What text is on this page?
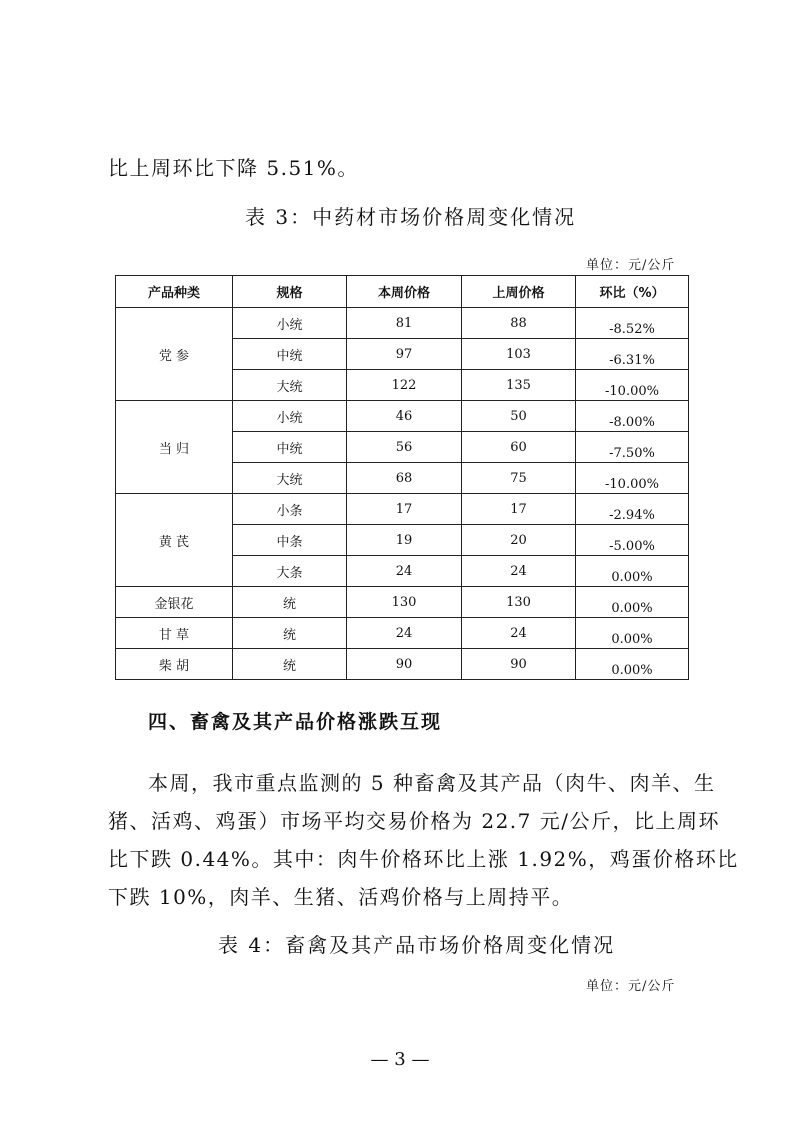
比上周环比下降 5.51%。
表 3：中药材市场价格周变化情况
单位：元/公斤
产品种类	规格	本周价格	上周价格	环比（%）
党 参	小统	81	88	-8.52%
	中统	97	103	-6.31%
	大统	122	135	-10.00%
当 归	小统	46	50	-8.00%
	中统	56	60	-7.50%
	大统	68	75	-10.00%
黄 芪	小条	17	17	-2.94%
	中条	19	20	-5.00%
	大条	24	24	0.00%
金银花	统	130	130	0.00%
甘 草	统	24	24	0.00%
柴 胡	统	90	90	0.00%
四、畜禽及其产品价格涨跌互现
本周，我市重点监测的 5 种畜禽及其产品（肉牛、肉羊、生
猪、活鸡、鸡蛋）市场平均交易价格为 22.7 元/公斤，比上周环
比下跌 0.44%。其中：肉牛价格环比上涨 1.92%，鸡蛋价格环比
下跌 10%，肉羊、生猪、活鸡价格与上周持平。
表 4：畜禽及其产品市场价格周变化情况
单位：元/公斤
— 3 —
